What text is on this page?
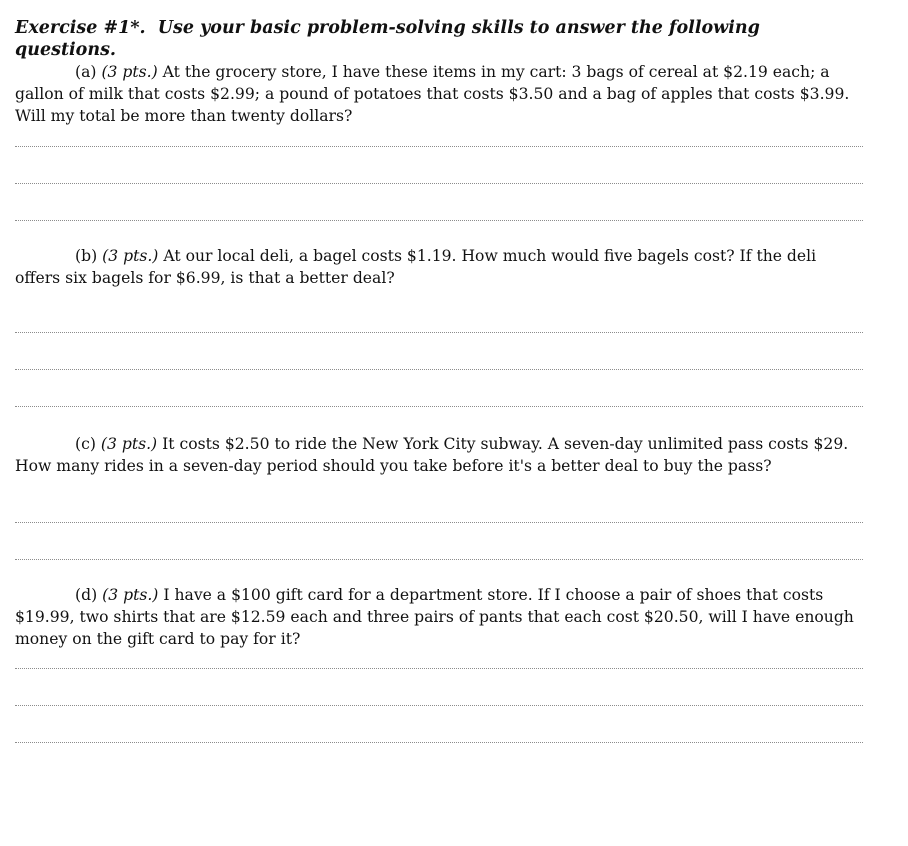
Exercise #1*. Use your basic problem-solving skills to answer the following questions.

(a) (3 pts.) At the grocery store, I have these items in my cart: 3 bags of cereal at $2.19 each; a gallon of milk that costs $2.99; a pound of potatoes that costs $3.50 and a bag of apples that costs $3.99. Will my total be more than twenty dollars?

(b) (3 pts.) At our local deli, a bagel costs $1.19. How much would five bagels cost? If the deli offers six bagels for $6.99, is that a better deal?

(c) (3 pts.) It costs $2.50 to ride the New York City subway. A seven-day unlimited pass costs $29. How many rides in a seven-day period should you take before it's a better deal to buy the pass?

(d) (3 pts.) I have a $100 gift card for a department store. If I choose a pair of shoes that costs $19.99, two shirts that are $12.59 each and three pairs of pants that each cost $20.50, will I have enough money on the gift card to pay for it?
